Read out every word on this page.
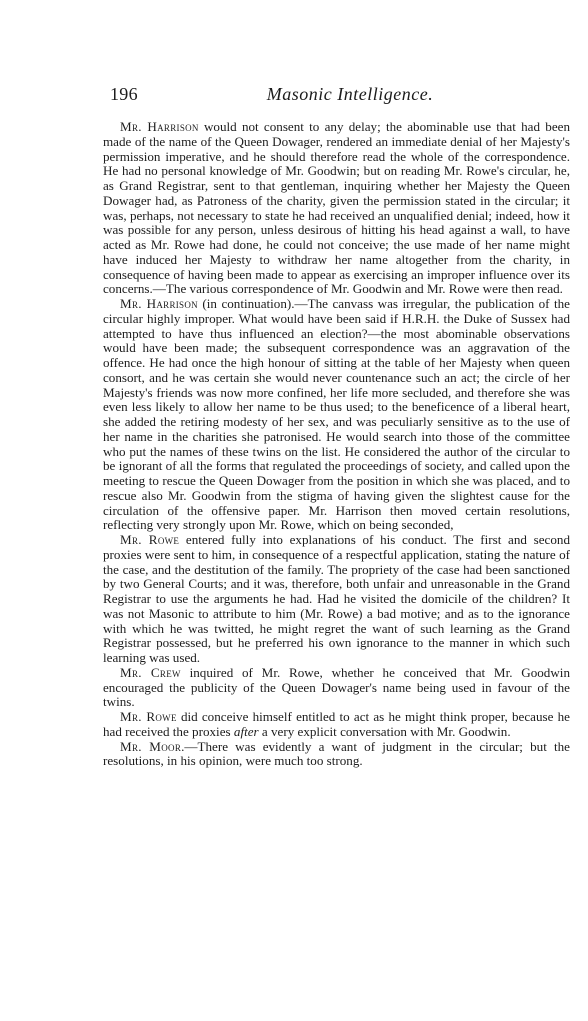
196	Masonic Intelligence.

Mr. Harrison would not consent to any delay; the abominable use that had been made of the name of the Queen Dowager, rendered an immediate denial of her Majesty's permission imperative, and he should therefore read the whole of the correspondence. He had no personal knowledge of Mr. Goodwin; but on reading Mr. Rowe's circular, he, as Grand Registrar, sent to that gentleman, inquiring whether her Majesty the Queen Dowager had, as Patroness of the charity, given the permission stated in the circular; it was, perhaps, not necessary to state he had received an unqualified denial; indeed, how it was possible for any person, unless desirous of hitting his head against a wall, to have acted as Mr. Rowe had done, he could not conceive; the use made of her name might have induced her Majesty to withdraw her name altogether from the charity, in consequence of having been made to appear as exercising an improper influence over its concerns.—The various correspondence of Mr. Goodwin and Mr. Rowe were then read.

Mr. Harrison (in continuation).—The canvass was irregular, the publication of the circular highly improper. What would have been said if H.R.H. the Duke of Sussex had attempted to have thus influenced an election?—the most abominable observations would have been made; the subsequent correspondence was an aggravation of the offence. He had once the high honour of sitting at the table of her Majesty when queen consort, and he was certain she would never countenance such an act; the circle of her Majesty's friends was now more confined, her life more secluded, and therefore she was even less likely to allow her name to be thus used; to the beneficence of a liberal heart, she added the retiring modesty of her sex, and was peculiarly sensitive as to the use of her name in the charities she patronised. He would search into those of the committee who put the names of these twins on the list. He considered the author of the circular to be ignorant of all the forms that regulated the proceedings of society, and called upon the meeting to rescue the Queen Dowager from the position in which she was placed, and to rescue also Mr. Goodwin from the stigma of having given the slightest cause for the circulation of the offensive paper. Mr. Harrison then moved certain resolutions, reflecting very strongly upon Mr. Rowe, which on being seconded,

Mr. Rowe entered fully into explanations of his conduct. The first and second proxies were sent to him, in consequence of a respectful application, stating the nature of the case, and the destitution of the family. The propriety of the case had been sanctioned by two General Courts; and it was, therefore, both unfair and unreasonable in the Grand Registrar to use the arguments he had. Had he visited the domicile of the children? It was not Masonic to attribute to him (Mr. Rowe) a bad motive; and as to the ignorance with which he was twitted, he might regret the want of such learning as the Grand Registrar possessed, but he preferred his own ignorance to the manner in which such learning was used.

Mr. Crew inquired of Mr. Rowe, whether he conceived that Mr. Goodwin encouraged the publicity of the Queen Dowager's name being used in favour of the twins.

Mr. Rowe did conceive himself entitled to act as he might think proper, because he had received the proxies after a very explicit conversation with Mr. Goodwin.

Mr. Moor.—There was evidently a want of judgment in the circular; but the resolutions, in his opinion, were much too strong.
